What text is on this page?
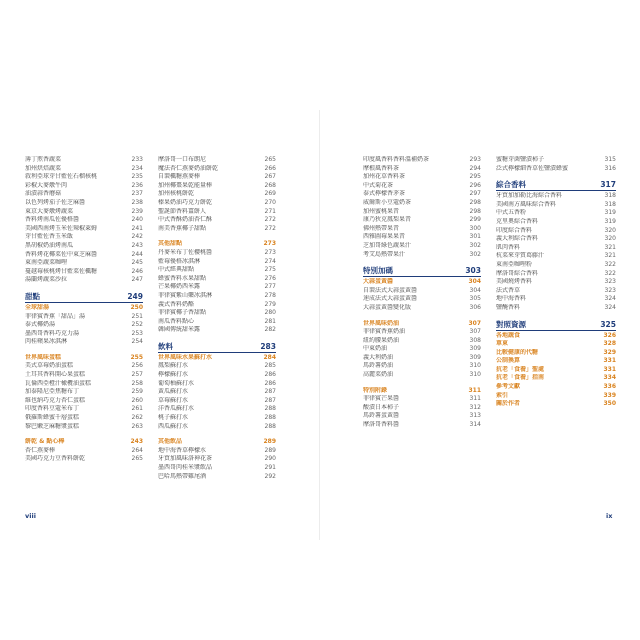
薄丁煎香蔬菜	233
加州烘焙蔬菜	234
敘利亞球芽甘藍佐石榴核桃	235
彩椒大麥燉牛肉	236
油漬蒜香蘑菇	237
以色列烤茄子佐芝麻醬	238
東京大麥燉烤蔬菜	239
香料烤南瓜佐優格醬	240
美國西南烤玉米佐辣椒萊姆	241
芽甘藍佐香玉米飯	242
黑胡椒奶油烤南瓜	243
香料烤花椰菜佐中東芝麻醬	244
東南亞蔬菜咖哩	245
蔓越莓核桃烤甘藍菜佐楓糖	246
湯蘭烤蔬菜沙拉	247
甜點	249
全球甜湯	250
菲律賓香蕉「甜品」湯	251
泰式椰奶湯	252
墨西哥香料巧克力湯	253
肉桂蘋果冰淇淋	254
世界風味蛋糕	255
美式草莓奶油蛋糕	256
土耳其香料開心果蛋糕	257
瓦倫西亞橙汁橄欖油蛋糕	258
加泰隆尼亞焦糖布丁	259
維也納巧克力杏仁蛋糕	260
印度香料豆蔻米布丁	261
俄羅斯蜂蜜千層蛋糕	262
黎巴嫩芝麻糖漿蛋糕	263
餅乾 & 點心棒	243
杏仁燕麥棒	264
美國巧克力豆香料餅乾	265
摩洛哥一口布朗尼	265
魔法杏仁燕麥奶油餅乾	266
自製楓糖燕麥棒	267
加州椰棗果乾能量棒	268
加州核桃餅乾	269
榛果奶油巧克力餅乾	270
聖誕節香料薑餅人	271
中式香酥奶油杏仁酥	272
南美香蕉椰子甜點	272
其他甜點	273
丹麥米布丁佐櫻桃醬	273
藍莓優格冰淇淋	274
中式經典甜點	275
蜂蜜香料水果甜點	276
芒果椰奶西米露	277
菲律賓紫山藥冰淇淋	278
義式香料奶酪	279
菲律賓椰子香甜點	280
南瓜香料點心	281
韓國傳統甜米露	282
飲料	283
世界風味水果蘇打水	284
鳳梨蘇打水	285
檸檬蘇打水	286
葡萄柚蘇打水	286
黃瓜蘇打水	287
草莓蘇打水	287
洋香瓜蘇打水	288
桃子蘇打水	288
西瓜蘇打水	288
其他飲品	289
地中海香草檸檬水	289
牙買加風味洛神花茶	290
墨西哥肉桂米漿飲品	291
巴哈馬熱帶雞尾酒	292
印度風香料香料溫補奶茶	293
摩根風香料茶	294
加州花草香料茶	295
中式菊花茶	296
泰式檸檬香茅茶	297
威爾斯小豆蔻奶茶	298
加州蜜桃果昔	298
康乃狄克鳳梨果昔	299
佛州熱帶果昔	300
西雅圖莓果果昔	301
芝加哥綠色蔬果汁	302
考艾島熱帶果汁	302
特別加碼	303
大蒜蛋黃醬	304
自製法式大蒜蛋黃醬	304
速成法式大蒜蛋黃醬	305
大蒜蛋黃醬變化版	306
世界風味奶油	307
菲律賓香蕉奶油	307
紐約腰果奶油	308
中東奶油	309
義大利奶油	309
馬鈴薯奶油	310
高麗菜奶油	310
特別附錄	311
菲律賓芒果醬	311
酸漬日本柿子	312
馬鈴薯蛋黃醬	313
摩洛哥香料醬	314
蜜糖芽菌鹽漬柿子	315
泛式檸檬細香草佐鹽漬蜂蜜	316
綜合香料	317
牙買加加勒比海綜合香料	318
美國南方風味綜合香料	318
中式五香粉	319
克里奧綜合香料	319
印度綜合香料	320
義大利綜合香料	320
肌肉香料	321
杭菜來芽質葛藤汁	321
東南亞咖哩粉	322
摩洛哥綜合香料	322
美國燒烤香料	323
法式香草	323
地中海香料	324
鹽醃香料	324
對照資源	325
各地蔬食	326
單東	328
比較健康的代糖	329
公制換算	331
抗老「食養」聖處	331
抗老「食養」指南	334
參考文獻	336
索引	339
關於作者	350
viii	ix
